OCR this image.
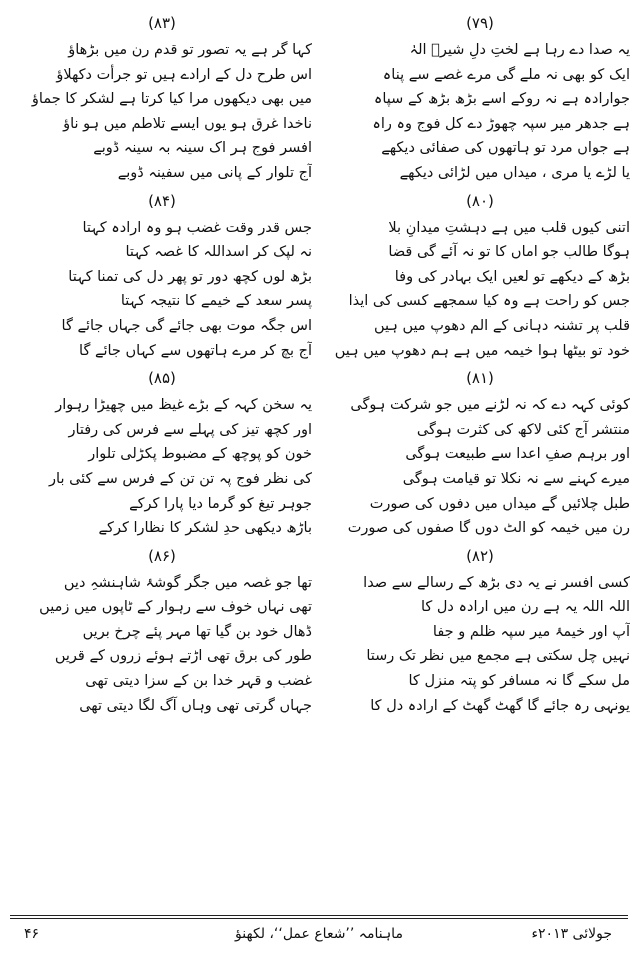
(۷۹)
یہ صدا دے رہا ہے لختِ دلِ شیرؑ الہٰ
ایک کو بھی نہ ملے گی مرے غصے سے پناہ
جوارادہ ہے نہ روکے اسے بڑھ بڑھ کے سپاہ
ہے جدھر میر سپہ چھوڑ دے کل فوج وہ راہ
ہے جواں مرد تو ہاتھوں کی صفائی دیکھے
یا لڑے یا مری ، میداں میں لڑائی دیکھے
(۸۰)
اتنی کیوں قلب میں ہے دہشتِ میدانِ بلا
ہوگا طالب جو اماں کا تو نہ آئے گی قضا
بڑھ کے دیکھے تو لعیں ایک بہادر کی وفا
جس کو راحت ہے وہ کیا سمجھے کسی کی ایذا
قلب پر تشنہ دہانی کے الم دھوپ میں ہیں
خود تو بیٹھا ہوا خیمہ میں ہے ہم دھوپ میں ہیں
(۸۱)
کوئی کہہ دے کہ نہ لڑنے میں جو شرکت ہوگی
منتشر آج کئی لاکھ کی کثرت ہوگی
اور برہم صفِ اعدا سے طبیعت ہوگی
میرے کہنے سے نہ نکلا تو قیامت ہوگی
طبل چلائیں گے میداں میں دفوں کی صورت
رن میں خیمہ کو الٹ دوں گا صفوں کی صورت
(۸۲)
کسی افسر نے یہ دی بڑھ کے رسالے سے صدا
اللہ اللہ یہ ہے رن میں ارادہ دل کا
آپ اور خیمۂ میر سپہ ظلم و جفا
نہیں چل سکتی ہے مجمع میں نظر تک رستا
مل سکے گا نہ مسافر کو پتہ منزل کا
یونہی رہ جائے گا گھٹ گھٹ کے ارادہ دل کا
(۸۳)
کہا گر ہے یہ تصور تو قدم رن میں بڑھاؤ
اس طرح دل کے ارادے ہیں تو جرأت دکھلاؤ
میں بھی دیکھوں مرا کیا کرتا ہے لشکر کا جماؤ
ناخدا غرق ہو یوں ایسے تلاطم میں ہو ناؤ
افسر فوج ہر اک سینہ بہ سینہ ڈوبے
آج تلوار کے پانی میں سفینہ ڈوبے
(۸۴)
جس قدر وقت غضب ہو وہ ارادہ کہتا
نہ لپک کر اسداللہ کا غصہ کہتا
بڑھ لوں کچھ دور تو پھر دل کی تمنا کہتا
پسر سعد کے خیمے کا نتیجہ کہتا
اس جگہ موت بھی جائے گی جہاں جائے گا
آج بچ کر مرے ہاتھوں سے کہاں جائے گا
(۸۵)
یہ سخن کہہ کے بڑے غیظ میں چھیڑا رہوار
اور کچھ تیز کی پہلے سے فرس کی رفتار
خون کو پوچھ کے مضبوط پکڑلی تلوار
کی نظر فوج پہ تن تن کے فرس سے کئی بار
جوہر تیغ کو گرما دیا پارا کرکے
باڑھ دیکھی حدِ لشکر کا نظارا کرکے
(۸۶)
تھا جو غصہ میں جگر گوشۂ شاہنشہِ دیں
تھی نہاں خوف سے رہوار کے ٹاپوں میں زمیں
ڈھال خود بن گیا تھا مہر پئے چرخ بریں
طور کی برق تھی اڑتے ہوئے زروں کے قریں
غضب و قہر خدا بن کے سزا دیتی تھی
جہاں گرتی تھی وہاں آگ لگا دیتی تھی
جولائی ۲۰۱۳ء
ماہنامہ ’’شعاع عمل‘‘، لکھنؤ
۴۶
